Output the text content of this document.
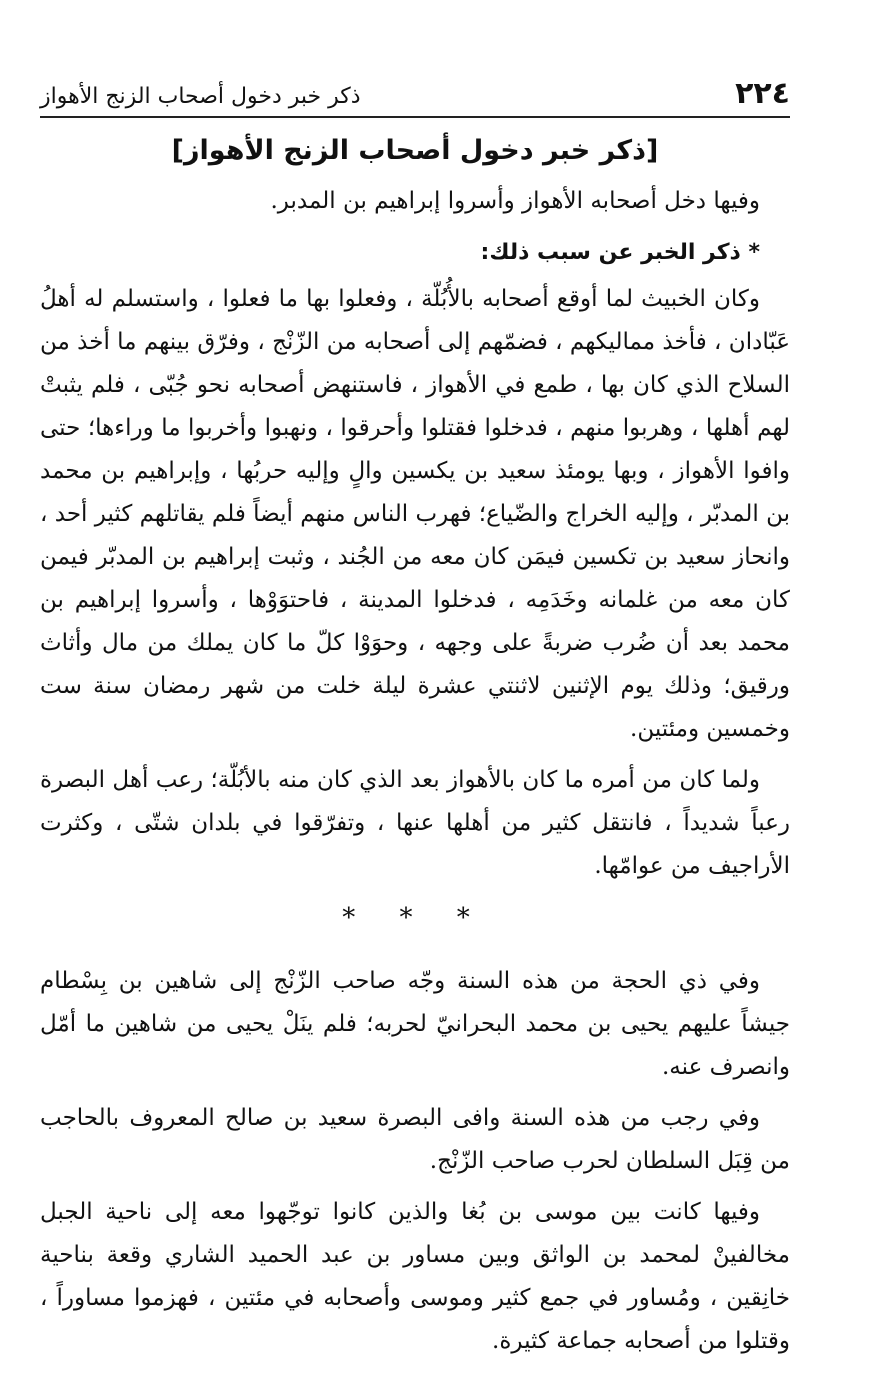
٢٢٤
ذكر خبر دخول أصحاب الزنج الأهواز
[ذكر خبر دخول أصحاب الزنج الأهواز]

وفيها دخل أصحابه الأهواز وأسروا إبراهيم بن المدبر.

* ذكر الخبر عن سبب ذلك:

وكان الخبيث لما أوقع أصحابه بالأُبُلّة ، وفعلوا بها ما فعلوا ، واستسلم له أهلُ عَبّادان ، فأخذ مماليكهم ، فضمّهم إلى أصحابه من الزّنْج ، وفرّق بينهم ما أخذ من السلاح الذي كان بها ، طمع في الأهواز ، فاستنهض أصحابه نحو جُبّى ، فلم يثبتْ لهم أهلها ، وهربوا منهم ، فدخلوا فقتلوا وأحرقوا ، ونهبوا وأخربوا ما وراءها؛ حتى وافوا الأهواز ، وبها يومئذ سعيد بن يكسين والٍ وإليه حربُها ، وإبراهيم بن محمد بن المدبّر ، وإليه الخراج والضّياع؛ فهرب الناس منهم أيضاً فلم يقاتلهم كثير أحد ، وانحاز سعيد بن تكسين فيمَن كان معه من الجُند ، وثبت إبراهيم بن المدبّر فيمن كان معه من غلمانه وخَدَمِه ، فدخلوا المدينة ، فاحتوَوْها ، وأسروا إبراهيم بن محمد بعد أن ضُرب ضربةً على وجهه ، وحوَوْا كلّ ما كان يملك من مال وأثاث ورقيق؛ وذلك يوم الإثنين لاثنتي عشرة ليلة خلت من شهر رمضان سنة ست وخمسين ومئتين.

ولما كان من أمره ما كان بالأهواز بعد الذي كان منه بالأبُلّة؛ رعب أهل البصرة رعباً شديداً ، فانتقل كثير من أهلها عنها ، وتفرّقوا في بلدان شتّى ، وكثرت الأراجيف من عوامّها.

* * *

وفي ذي الحجة من هذه السنة وجّه صاحب الزّنْج إلى شاهين بن بِسْطام جيشاً عليهم يحيى بن محمد البحرانيّ لحربه؛ فلم ينَلْ يحيى من شاهين ما أمّل وانصرف عنه.

وفي رجب من هذه السنة وافى البصرة سعيد بن صالح المعروف بالحاجب من قِبَل السلطان لحرب صاحب الزّنْج.

وفيها كانت بين موسى بن بُغا والذين كانوا توجّهوا معه إلى ناحية الجبل مخالفينْ لمحمد بن الواثق وبين مساور بن عبد الحميد الشاري وقعة بناحية خانِقين ، ومُساور في جمع كثير وموسى وأصحابه في مئتين ، فهزموا مساوراً ، وقتلوا من أصحابه جماعة كثيرة.
